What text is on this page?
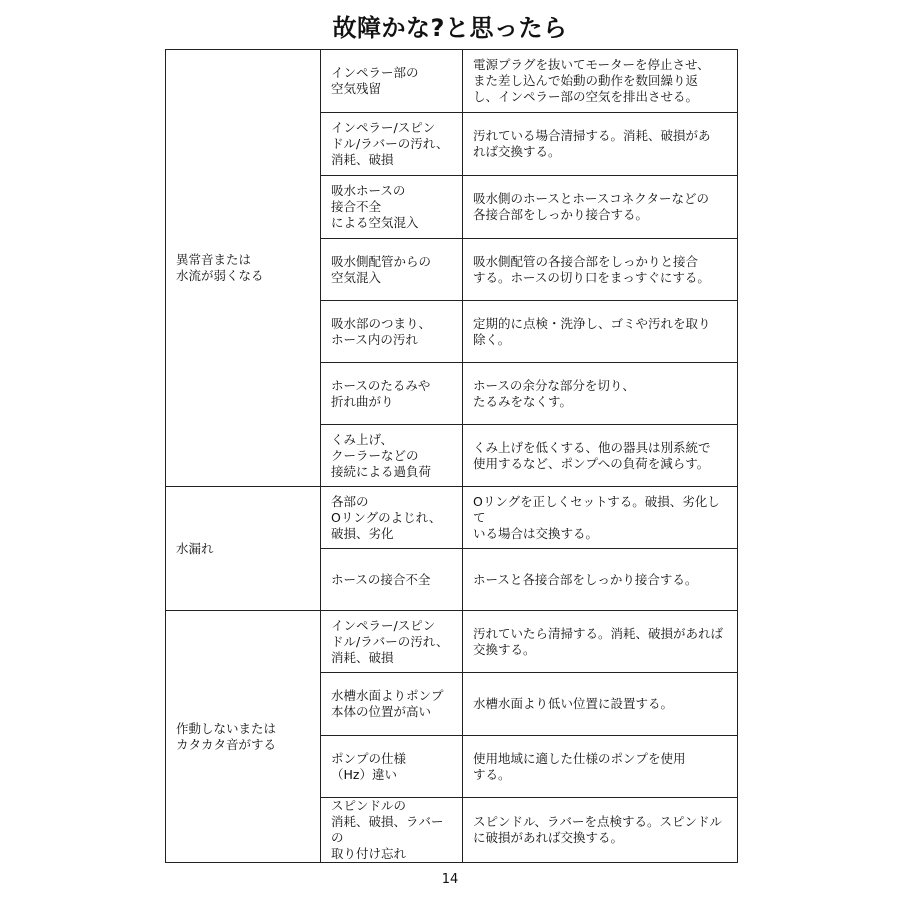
故障かな?と思ったら
異常音または
水流が弱くなる	インペラー部の
空気残留	電源プラグを抜いてモーターを停止させ、
また差し込んで始動の動作を数回繰り返
し、インペラー部の空気を排出させる。
	インペラー/スピン
ドル/ラバーの汚れ、
消耗、破損	汚れている場合清掃する。消耗、破損があ
れば交換する。
	吸水ホースの
接合不全
による空気混入	吸水側のホースとホースコネクターなどの
各接合部をしっかり接合する。
	吸水側配管からの
空気混入	吸水側配管の各接合部をしっかりと接合
する。ホースの切り口をまっすぐにする。
	吸水部のつまり、
ホース内の汚れ	定期的に点検・洗浄し、ゴミや汚れを取り
除く。
	ホースのたるみや
折れ曲がり	ホースの余分な部分を切り、
たるみをなくす。
	くみ上げ、
クーラーなどの
接続による過負荷	くみ上げを低くする、他の器具は別系統で
使用するなど、ポンプへの負荷を減らす。
水漏れ	各部の
Oリングのよじれ、
破損、劣化	Oリングを正しくセットする。破損、劣化して
いる場合は交換する。
	ホースの接合不全	ホースと各接合部をしっかり接合する。
作動しないまたは
カタカタ音がする	インペラー/スピン
ドル/ラバーの汚れ、
消耗、破損	汚れていたら清掃する。消耗、破損があれば
交換する。
	水槽水面よりポンプ
本体の位置が高い	水槽水面より低い位置に設置する。
	ポンプの仕様
（Hz）違い	使用地域に適した仕様のポンプを使用
する。
	スピンドルの
消耗、破損、ラバーの
取り付け忘れ	スピンドル、ラバーを点検する。スピンドル
に破損があれば交換する。
14
